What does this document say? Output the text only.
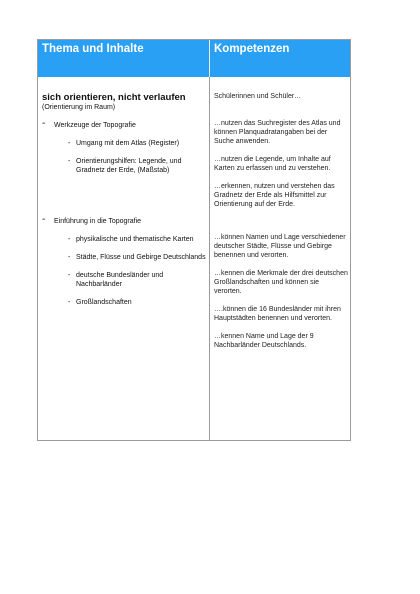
Thema und Inhalte	Kompetenzen
sich orientieren, nicht verlaufen
(Orientierung im Raum)
- Werkzeuge der Topografie
- Umgang mit dem Atlas (Register)
- Orientierungshilfen: Legende, und Gradnetz der Erde, (Maßstab)
- Einführung in die Topografie
- physikalische und thematische Karten
- Städte, Flüsse und Gebirge Deutschlands
- deutsche Bundesländer und Nachbarländer
- Großlandschaften
Schülerinnen und Schüler…
…nutzen das Suchregister des Atlas und können Planquadratangaben bei der Suche anwenden.
…nutzen die Legende, um Inhalte auf Karten zu erfassen und zu verstehen.
…erkennen, nutzen und verstehen das Gradnetz der Erde als Hilfsmittel zur Orientierung auf der Erde.
…können Namen und Lage verschiedener deutscher Städte, Flüsse und Gebirge benennen und verorten.
…kennen die Merkmale der drei deutschen Großlandschaften und können sie verorten.
….können die 16 Bundesländer mit ihren Hauptstädten benennen und verorten.
…kennen Name und Lage der 9 Nachbarländer Deutschlands.
